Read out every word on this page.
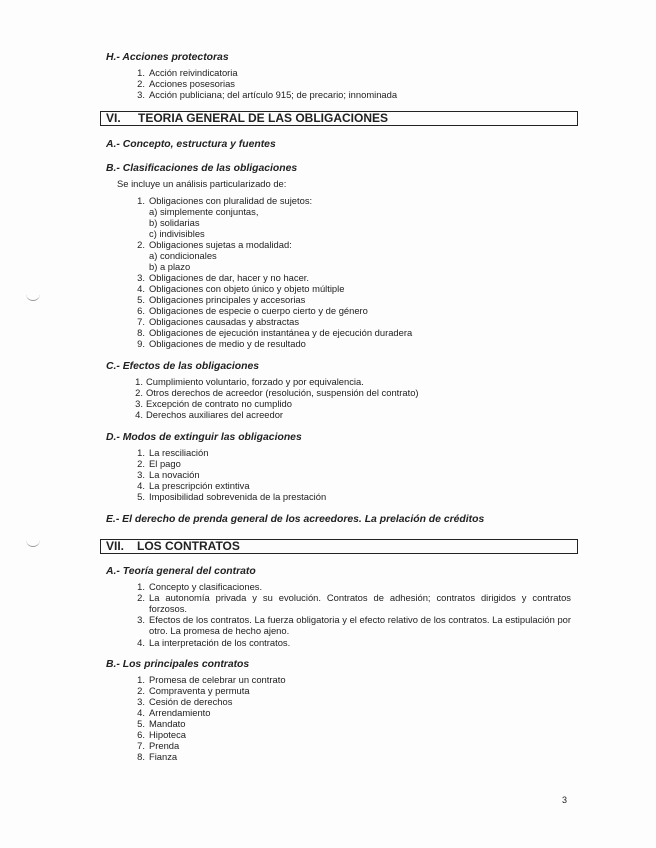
H.- Acciones protectoras
1. Acción reivindicatoria
2. Acciones posesorias
3. Acción publiciana; del artículo 915; de precario; innominada
VI. TEORIA GENERAL DE LAS OBLIGACIONES
A.- Concepto, estructura y fuentes
B.- Clasificaciones de las obligaciones
Se incluye un análisis particularizado de:
1. Obligaciones con pluralidad de sujetos:
a) simplemente conjuntas,
b) solidarias
c) indivisibles
2. Obligaciones sujetas a modalidad:
a) condicionales
b) a plazo
3. Obligaciones de dar, hacer y no hacer.
4. Obligaciones con objeto único y objeto múltiple
5. Obligaciones principales y accesorias
6. Obligaciones de especie o cuerpo cierto y de género
7. Obligaciones causadas y abstractas
8. Obligaciones de ejecución instantánea y de ejecución duradera
9. Obligaciones de medio y de resultado
C.- Efectos de las obligaciones
1. Cumplimiento voluntario, forzado y por equivalencia.
2. Otros derechos de acreedor (resolución, suspensión del contrato)
3. Excepción de contrato no cumplido
4. Derechos auxiliares del acreedor
D.- Modos de extinguir las obligaciones
1. La resciliación
2. El pago
3. La novación
4. La prescripción extintiva
5. Imposibilidad sobrevenida de la prestación
E.- El derecho de prenda general de los acreedores. La prelación de créditos
VII. LOS CONTRATOS
A.- Teoría general del contrato
1. Concepto y clasificaciones.
2. La autonomía privada y su evolución. Contratos de adhesión; contratos dirigidos y contratos forzosos.
3. Efectos de los contratos. La fuerza obligatoria y el efecto relativo de los contratos. La estipulación por otro. La promesa de hecho ajeno.
4. La interpretación de los contratos.
B.- Los principales contratos
1. Promesa de celebrar un contrato
2. Compraventa y permuta
3. Cesión de derechos
4. Arrendamiento
5. Mandato
6. Hipoteca
7. Prenda
8. Fianza
3
